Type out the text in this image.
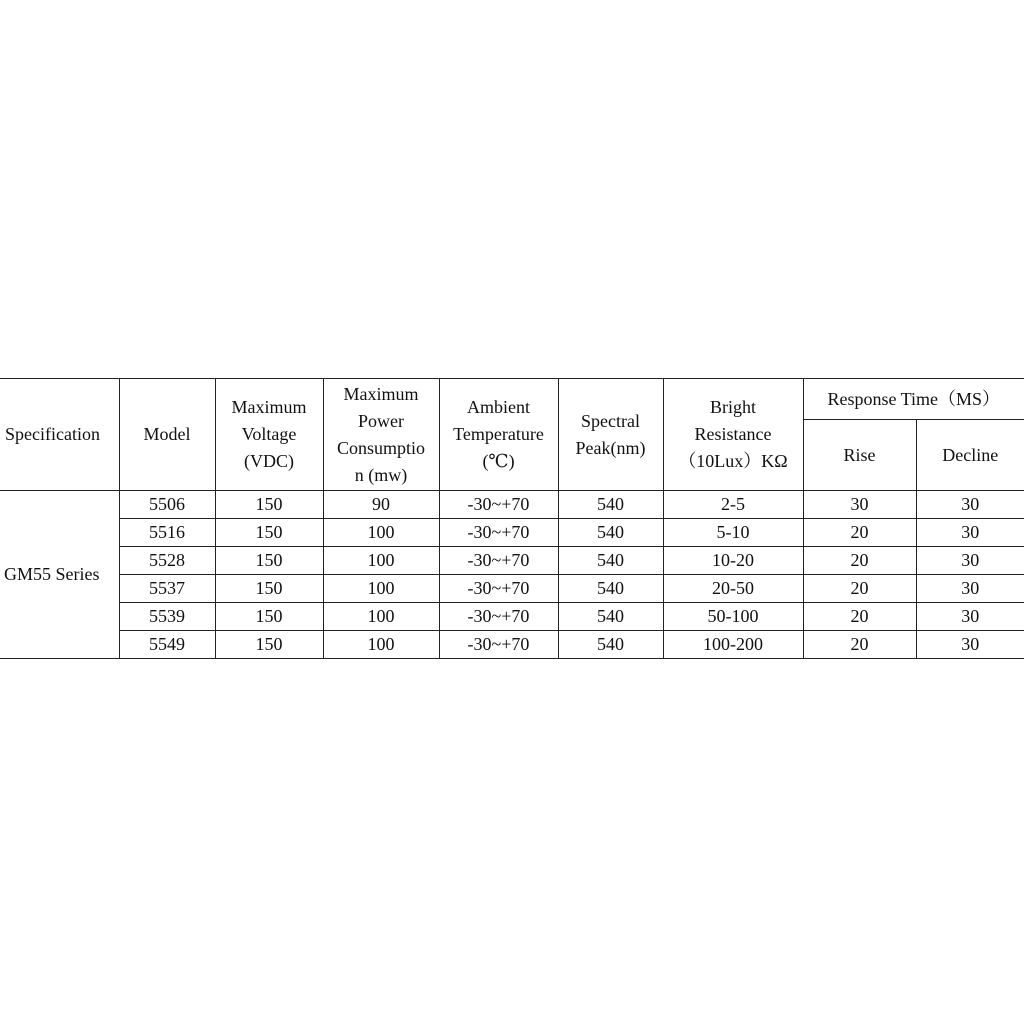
Specification	Model	Maximum
Voltage
(VDC)	Maximum
Power
Consumptio
n (mw)	Ambient
Temperature
(℃)	Spectral
Peak(nm)	Bright
Resistance
（10Lux）KΩ	Response Time（MS）	
							Rise	Decline
GM55 Series	5506	150	90	-30~+70	540	2-5	30	30
	5516	150	100	-30~+70	540	5-10	20	30
	5528	150	100	-30~+70	540	10-20	20	30
	5537	150	100	-30~+70	540	20-50	20	30
	5539	150	100	-30~+70	540	50-100	20	30
	5549	150	100	-30~+70	540	100-200	20	30
